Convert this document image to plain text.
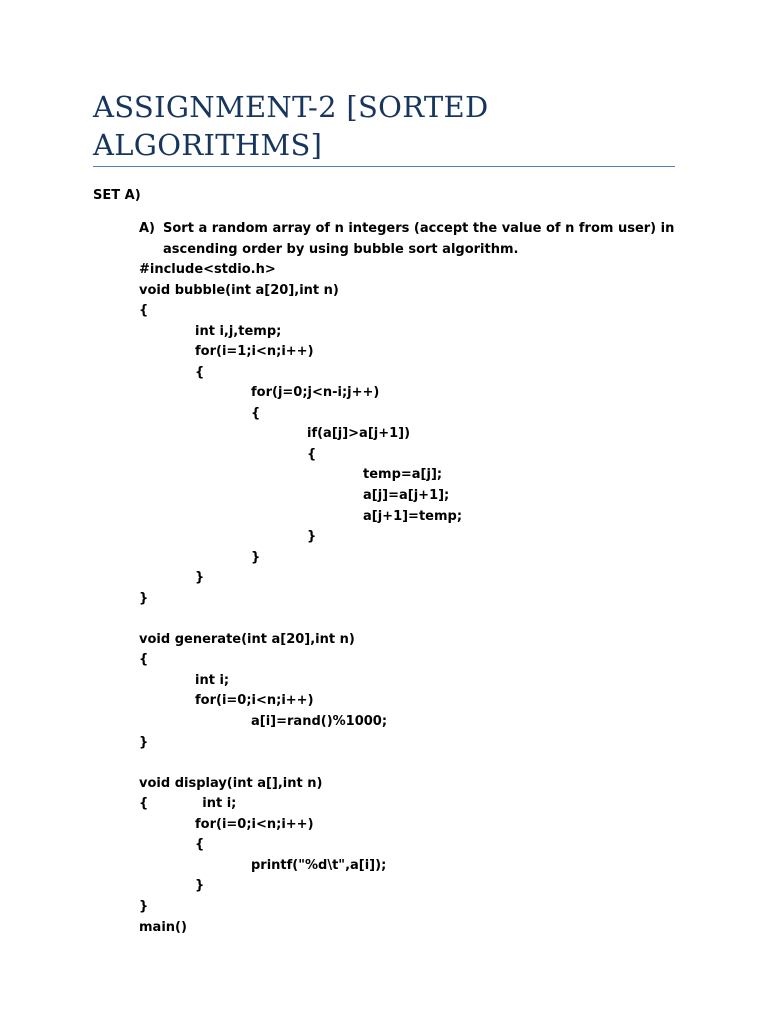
ASSIGNMENT-2 [SORTED ALGORITHMS]
SET A)
A) Sort a random array of n integers (accept the value of n from user) in ascending order by using bubble sort algorithm.
#include<stdio.h>
void bubble(int a[20],int n)
{
int i,j,temp;
for(i=1;i<n;i++)
{
for(j=0;j<n-i;j++)
{
if(a[j]>a[j+1])
{
temp=a[j];
a[j]=a[j+1];
a[j+1]=temp;
}
}
}
}
void generate(int a[20],int n)
{
int i;
for(i=0;i<n;i++)
a[i]=rand()%1000;
}
void display(int a[],int n)
{	int i;
for(i=0;i<n;i++)
{
printf("%d\t",a[i]);
}
}
main()
